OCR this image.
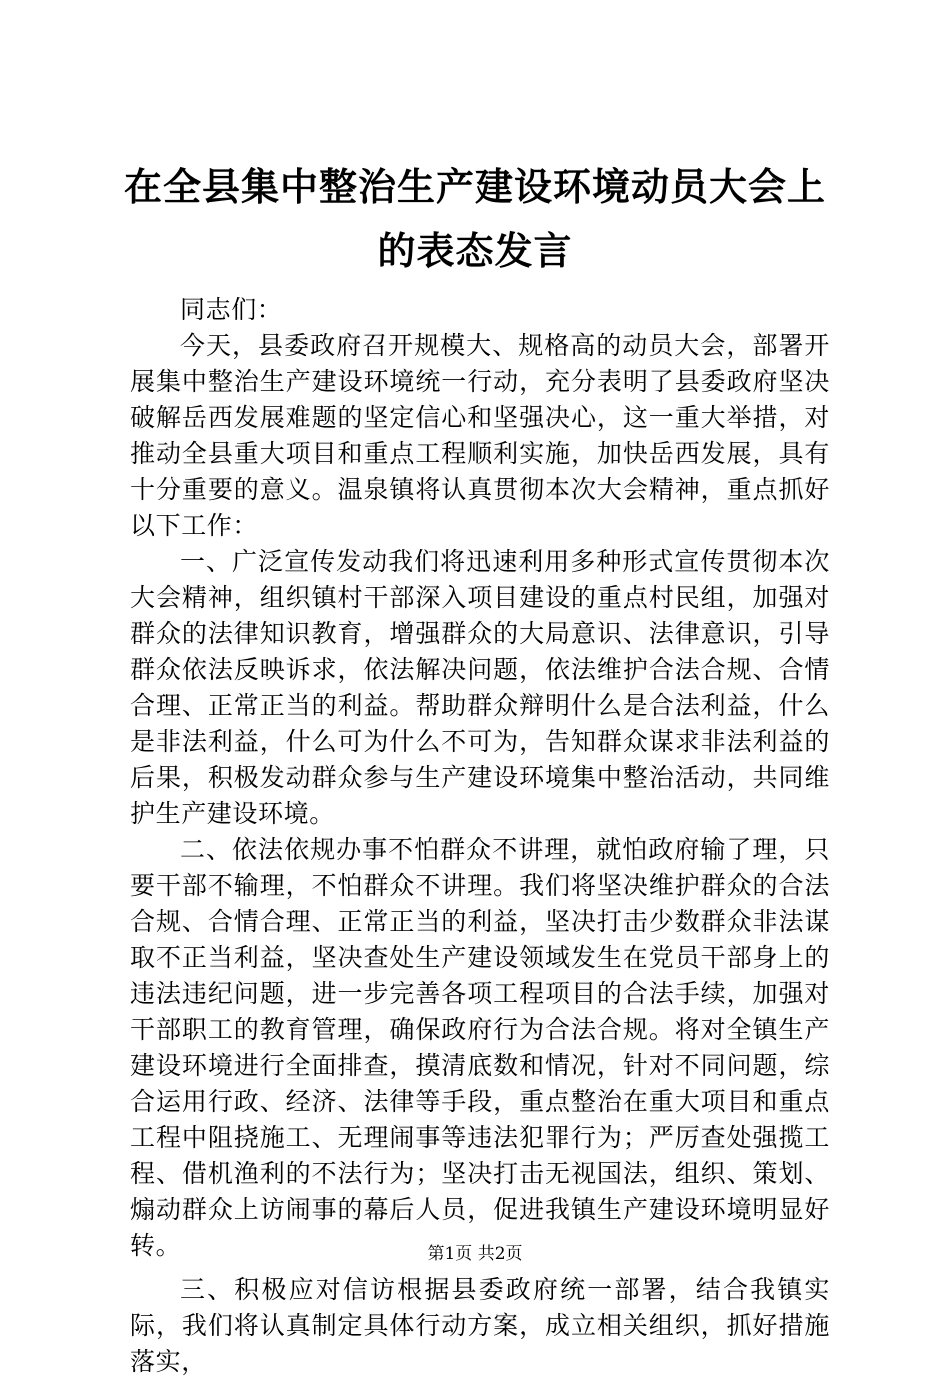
在全县集中整治生产建设环境动员大会上的表态发言

同志们：

今天，县委政府召开规模大、规格高的动员大会，部署开展集中整治生产建设环境统一行动，充分表明了县委政府坚决破解岳西发展难题的坚定信心和坚强决心，这一重大举措，对推动全县重大项目和重点工程顺利实施，加快岳西发展，具有十分重要的意义。温泉镇将认真贯彻本次大会精神，重点抓好以下工作：

一、广泛宣传发动我们将迅速利用多种形式宣传贯彻本次大会精神，组织镇村干部深入项目建设的重点村民组，加强对群众的法律知识教育，增强群众的大局意识、法律意识，引导群众依法反映诉求，依法解决问题，依法维护合法合规、合情合理、正常正当的利益。帮助群众辩明什么是合法利益，什么是非法利益，什么可为什么不可为，告知群众谋求非法利益的后果，积极发动群众参与生产建设环境集中整治活动，共同维护生产建设环境。

二、依法依规办事不怕群众不讲理，就怕政府输了理，只要干部不输理，不怕群众不讲理。我们将坚决维护群众的合法合规、合情合理、正常正当的利益，坚决打击少数群众非法谋取不正当利益，坚决查处生产建设领域发生在党员干部身上的违法违纪问题，进一步完善各项工程项目的合法手续，加强对干部职工的教育管理，确保政府行为合法合规。将对全镇生产建设环境进行全面排查，摸清底数和情况，针对不同问题，综合运用行政、经济、法律等手段，重点整治在重大项目和重点工程中阻挠施工、无理闹事等违法犯罪行为；严厉查处强揽工程、借机渔利的不法行为；坚决打击无视国法，组织、策划、煽动群众上访闹事的幕后人员，促进我镇生产建设环境明显好转。

三、积极应对信访根据县委政府统一部署，结合我镇实际，我们将认真制定具体行动方案，成立相关组织，抓好措施落实，

第1页 共2页
